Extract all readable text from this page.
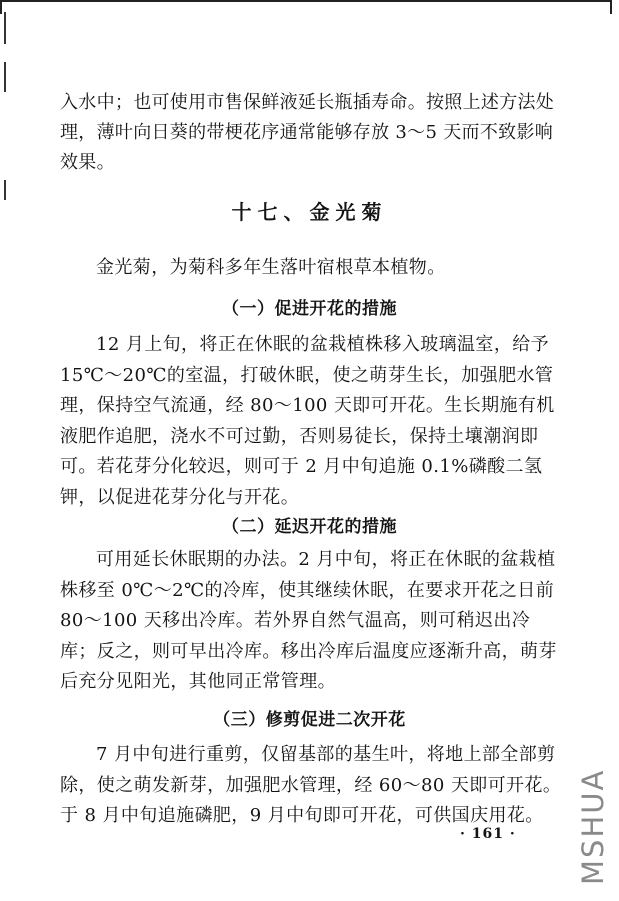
入水中；也可使用市售保鲜液延长瓶插寿命。按照上述方法处
理，薄叶向日葵的带梗花序通常能够存放 3～5 天而不致影响
效果。
十七、金光菊

金光菊，为菊科多年生落叶宿根草本植物。

（一）促进开花的措施

12 月上旬，将正在休眠的盆栽植株移入玻璃温室，给予 15℃～20℃的室温，打破休眠，使之萌芽生长，加强肥水管理，保持空气流通，经 80～100 天即可开花。生长期施有机液肥作追肥，浇水不可过勤，否则易徒长，保持土壤潮润即可。若花芽分化较迟，则可于 2 月中旬追施 0.1%磷酸二氢钾，以促进花芽分化与开花。

（二）延迟开花的措施

可用延长休眠期的办法。2 月中旬，将正在休眠的盆栽植株移至 0℃～2℃的冷库，使其继续休眠，在要求开花之日前 80～100 天移出冷库。若外界自然气温高，则可稍迟出冷库；反之，则可早出冷库。移出冷库后温度应逐渐升高，萌芽后充分见阳光，其他同正常管理。

（三）修剪促进二次开花

7 月中旬进行重剪，仅留基部的基生叶，将地上部全部剪除，使之萌发新芽，加强肥水管理，经 60～80 天即可开花。于 8 月中旬追施磷肥，9 月中旬即可开花，可供国庆用花。

· 161 · MSHUA
